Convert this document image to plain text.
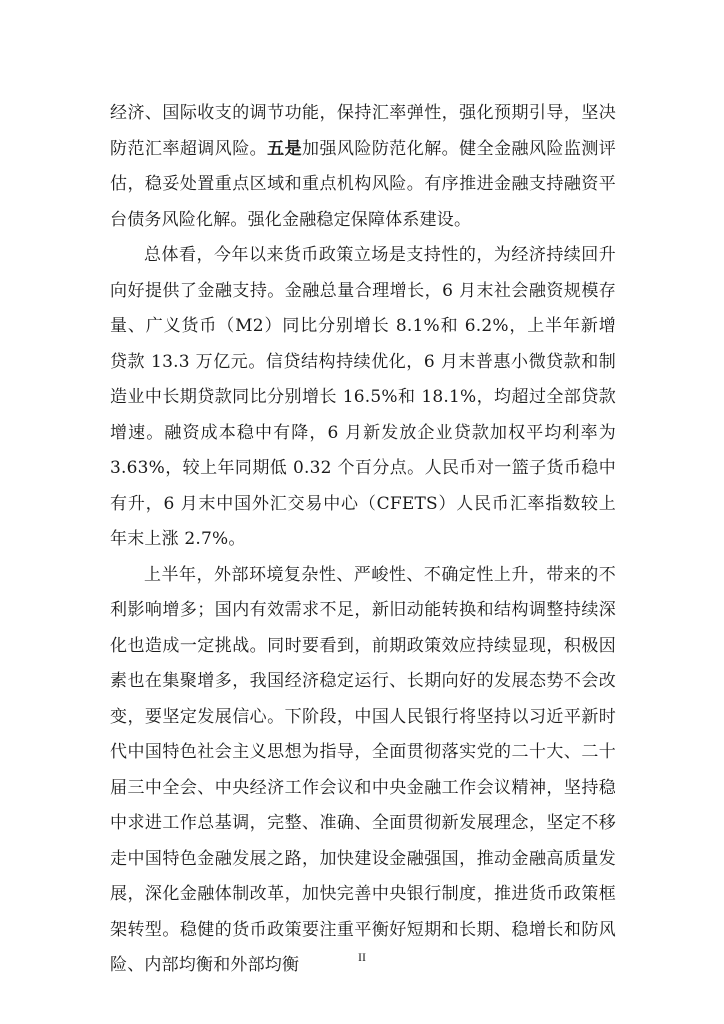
经济、国际收支的调节功能，保持汇率弹性，强化预期引导，坚决防范汇率超调风险。五是加强风险防范化解。健全金融风险监测评估，稳妥处置重点区域和重点机构风险。有序推进金融支持融资平台债务风险化解。强化金融稳定保障体系建设。

总体看，今年以来货币政策立场是支持性的，为经济持续回升向好提供了金融支持。金融总量合理增长，6 月末社会融资规模存量、广义货币（M2）同比分别增长 8.1%和 6.2%，上半年新增贷款 13.3 万亿元。信贷结构持续优化，6 月末普惠小微贷款和制造业中长期贷款同比分别增长 16.5%和 18.1%，均超过全部贷款增速。融资成本稳中有降，6 月新发放企业贷款加权平均利率为 3.63%，较上年同期低 0.32 个百分点。人民币对一篮子货币稳中有升，6 月末中国外汇交易中心（CFETS）人民币汇率指数较上年末上涨 2.7%。

上半年，外部环境复杂性、严峻性、不确定性上升，带来的不利影响增多；国内有效需求不足，新旧动能转换和结构调整持续深化也造成一定挑战。同时要看到，前期政策效应持续显现，积极因素也在集聚增多，我国经济稳定运行、长期向好的发展态势不会改变，要坚定发展信心。下阶段，中国人民银行将坚持以习近平新时代中国特色社会主义思想为指导，全面贯彻落实党的二十大、二十届三中全会、中央经济工作会议和中央金融工作会议精神，坚持稳中求进工作总基调，完整、准确、全面贯彻新发展理念，坚定不移走中国特色金融发展之路，加快建设金融强国，推动金融高质量发展，深化金融体制改革，加快完善中央银行制度，推进货币政策框架转型。稳健的货币政策要注重平衡好短期和长期、稳增长和防风险、内部均衡和外部均衡	II
